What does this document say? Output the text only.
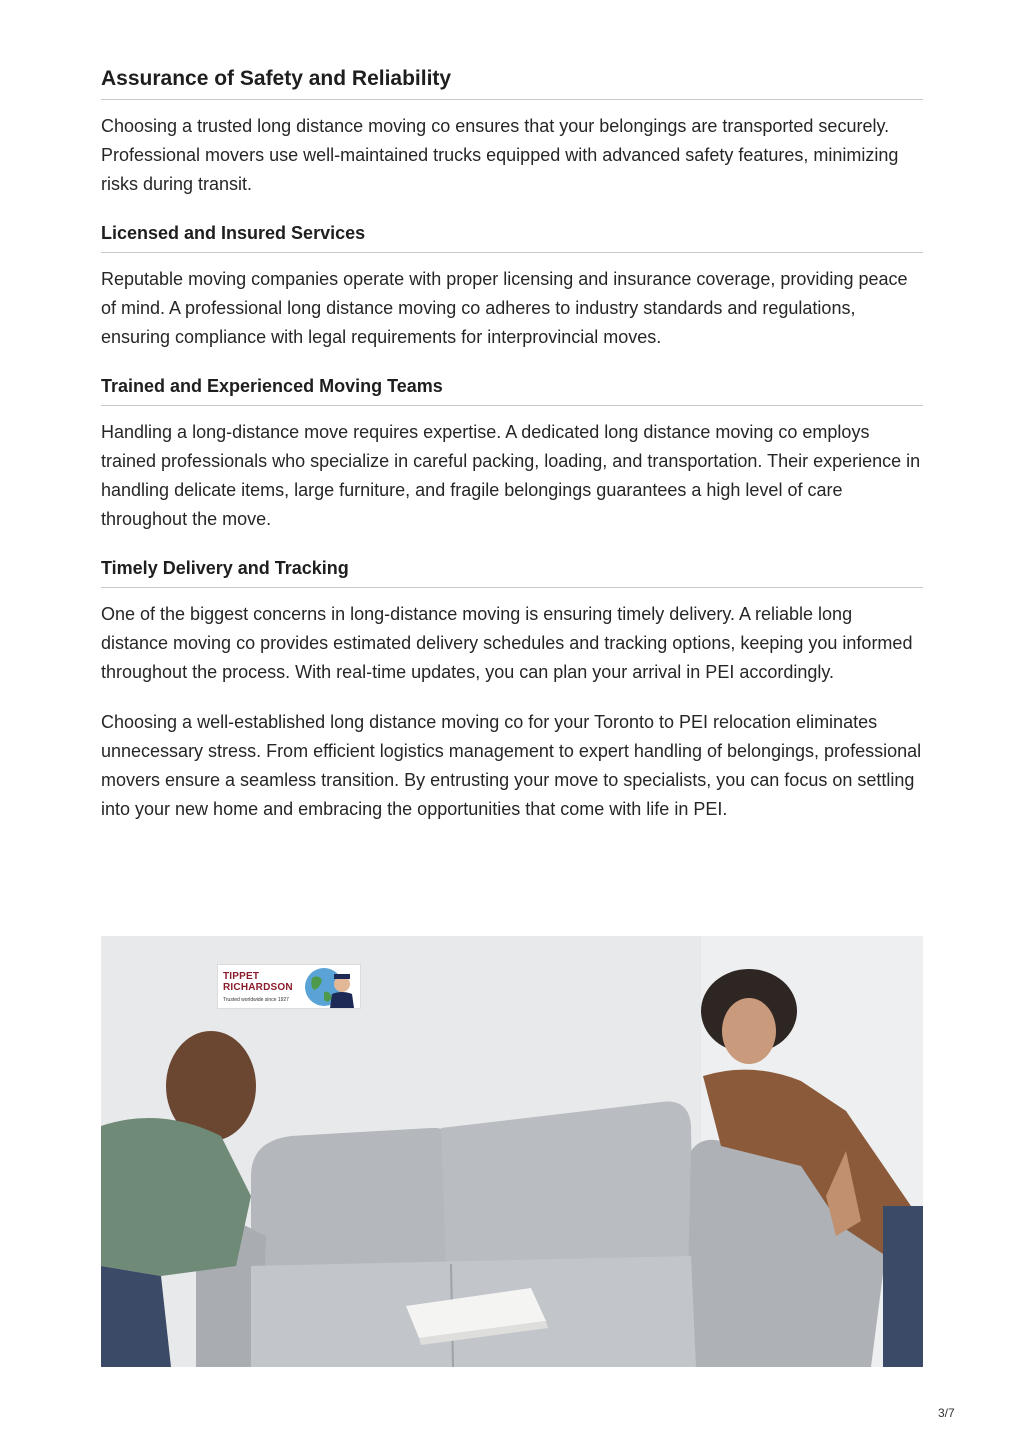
Assurance of Safety and Reliability

Choosing a trusted long distance moving co ensures that your belongings are transported securely. Professional movers use well-maintained trucks equipped with advanced safety features, minimizing risks during transit.

Licensed and Insured Services

Reputable moving companies operate with proper licensing and insurance coverage, providing peace of mind. A professional long distance moving co adheres to industry standards and regulations, ensuring compliance with legal requirements for interprovincial moves.

Trained and Experienced Moving Teams

Handling a long-distance move requires expertise. A dedicated long distance moving co employs trained professionals who specialize in careful packing, loading, and transportation. Their experience in handling delicate items, large furniture, and fragile belongings guarantees a high level of care throughout the move.

Timely Delivery and Tracking

One of the biggest concerns in long-distance moving is ensuring timely delivery. A reliable long distance moving co provides estimated delivery schedules and tracking options, keeping you informed throughout the process. With real-time updates, you can plan your arrival in PEI accordingly.

Choosing a well-established long distance moving co for your Toronto to PEI relocation eliminates unnecessary stress. From efficient logistics management to expert handling of belongings, professional movers ensure a seamless transition. By entrusting your move to specialists, you can focus on settling into your new home and embracing the opportunities that come with life in PEI.

TIPPET
RICHARDSON
Trusted worldwide since 1927
3/7
